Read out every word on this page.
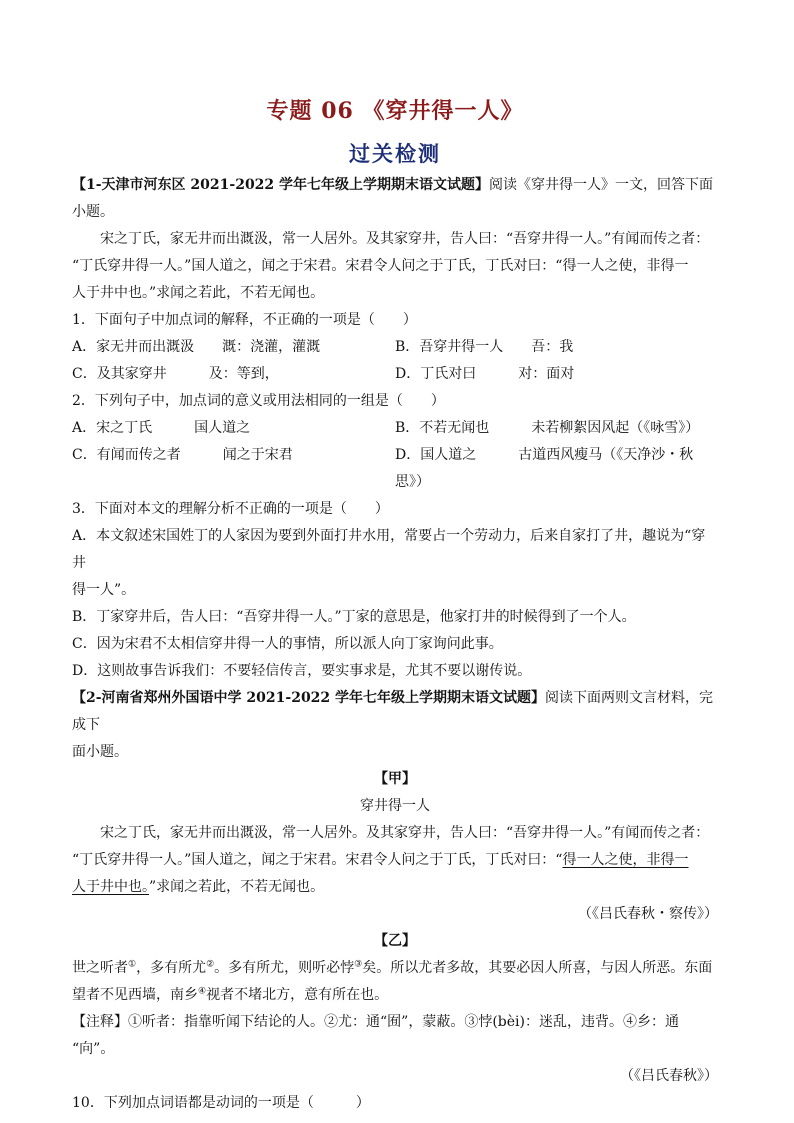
专题 06 《穿井得一人》
过关检测

【1-天津市河东区 2021-2022 学年七年级上学期期末语文试题】阅读《穿井得一人》一文，回答下面小题。

宋之丁氏，家无井而出溉汲，常一人居外。及其家穿井，告人曰：“吾穿井得一人。”有闻而传之者：

“丁氏穿井得一人。”国人道之，闻之于宋君。宋君令人问之于丁氏，丁氏对曰：“得一人之使，非得一

人于井中也。”求闻之若此，不若无闻也。

1．下面句子中加点词的解释，不正确的一项是（　　）

A．家无井而出溉汲　　溉：浇灌，灌溉	B．吾穿井得一人　　吾：我
C．及其家穿井　　　及：等到，	D．丁氏对曰　　　对：面对

2．下列句子中，加点词的意义或用法相同的一组是（　　）

A．宋之丁氏　　　国人道之	B．不若无闻也　　　未若柳絮因风起（《咏雪》）
C．有闻而传之者　　　闻之于宋君	D．国人道之　　　古道西风瘦马（《天净沙・秋思》）

3．下面对本文的理解分析不正确的一项是（　　）

A．本文叙述宋国姓丁的人家因为要到外面打井水用，常要占一个劳动力，后来自家打了井，趣说为“穿井

得一人”。

B．丁家穿井后，告人曰：“吾穿井得一人。”丁家的意思是，他家打井的时候得到了一个人。

C．因为宋君不太相信穿井得一人的事情，所以派人向丁家询问此事。

D．这则故事告诉我们：不要轻信传言，要实事求是，尤其不要以谢传说。

【2-河南省郑州外国语中学 2021-2022 学年七年级上学期期末语文试题】阅读下面两则文言材料，完成下

面小题。

【甲】

穿井得一人

宋之丁氏，家无井而出溉汲，常一人居外。及其家穿井，告人曰：“吾穿井得一人。”有闻而传之者：

“丁氏穿井得一人。”国人道之，闻之于宋君。宋君令人问之于丁氏，丁氏对曰：“得一人之使，非得一

人于井中也。”求闻之若此，不若无闻也。

（《吕氏春秋・察传》）

【乙】

世之听者①，多有所尤②。多有所尤，则听必悖③矣。所以尤者多故，其要必因人所喜，与因人所恶。东面

望者不见西墙，南乡④视者不堵北方，意有所在也。

【注释】①听者：指靠听闻下结论的人。②尤：通“囿”，蒙蔽。③悖(bèi)：迷乱，违背。④乡：通

“向”。

（《吕氏春秋》）

10．下列加点词语都是动词的一项是（　　　）
